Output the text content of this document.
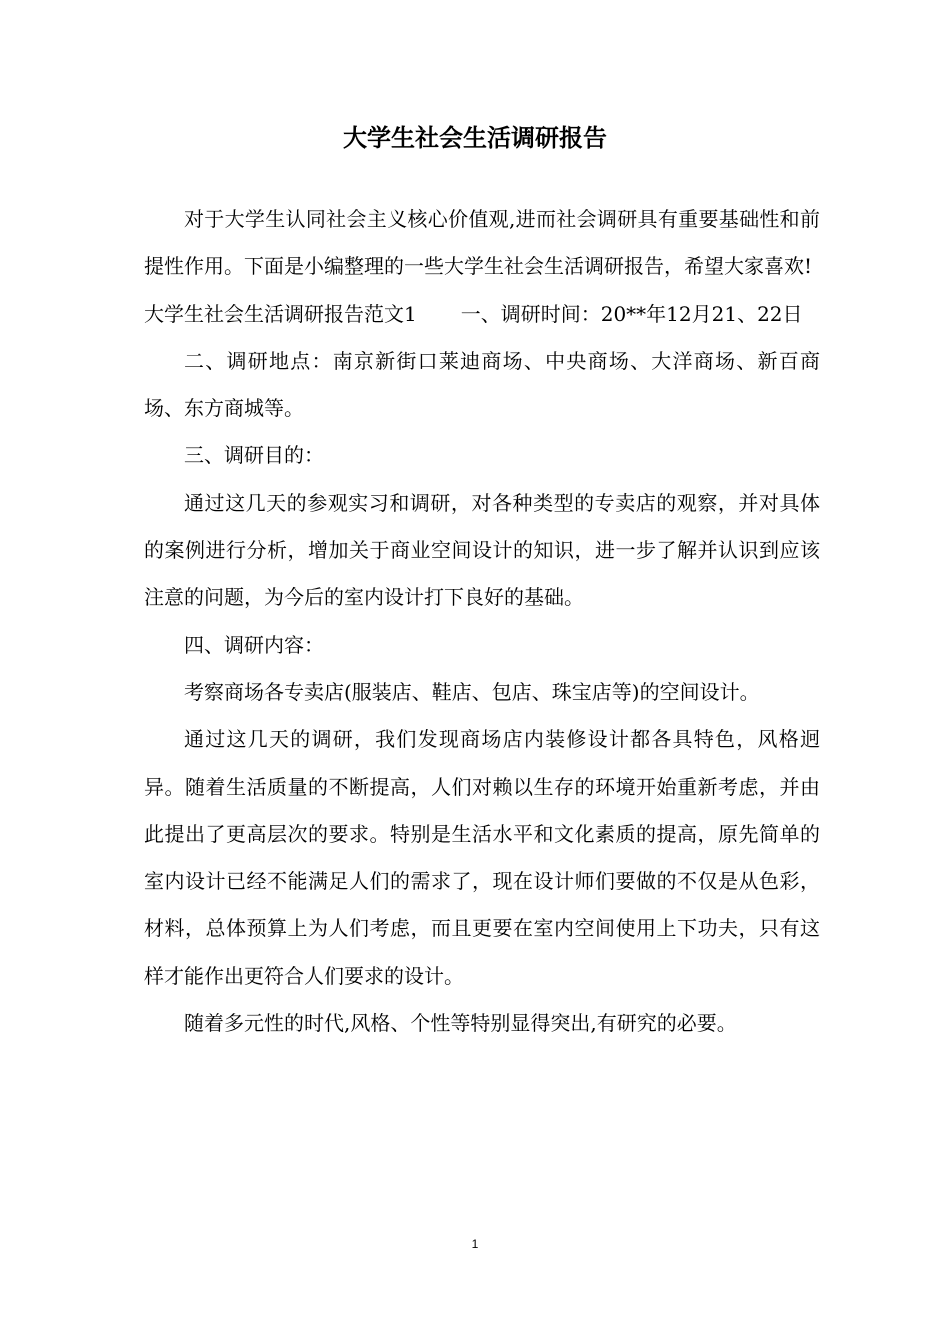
大学生社会生活调研报告

对于大学生认同社会主义核心价值观,进而社会调研具有重要基础性和前提性作用。下面是小编整理的一些大学生社会生活调研报告，希望大家喜欢!

大学生社会生活调研报告范文1 一、调研时间：20**年12月21、22日

二、调研地点：南京新街口莱迪商场、中央商场、大洋商场、新百商场、东方商城等。

三、调研目的：

通过这几天的参观实习和调研，对各种类型的专卖店的观察，并对具体的案例进行分析，增加关于商业空间设计的知识，进一步了解并认识到应该注意的问题，为今后的室内设计打下良好的基础。

四、调研内容：

考察商场各专卖店(服装店、鞋店、包店、珠宝店等)的空间设计。

通过这几天的调研，我们发现商场店内装修设计都各具特色，风格迥异。随着生活质量的不断提高，人们对赖以生存的环境开始重新考虑，并由此提出了更高层次的要求。特别是生活水平和文化素质的提高，原先简单的室内设计已经不能满足人们的需求了，现在设计师们要做的不仅是从色彩，材料，总体预算上为人们考虑，而且更要在室内空间使用上下功夫，只有这样才能作出更符合人们要求的设计。

随着多元性的时代,风格、个性等特别显得突出,有研究的必要。

1
